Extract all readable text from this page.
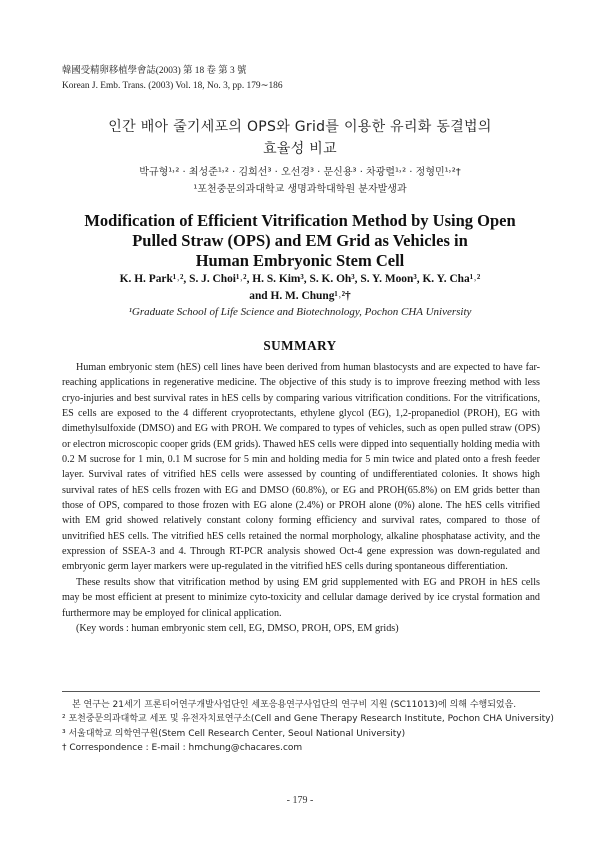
韓國受精卵移植學會誌(2003) 第 18 卷 第 3 號
Korean J. Emb. Trans. (2003) Vol. 18, No. 3, pp. 179∼186
인간 배아 줄기세포의 OPS와 Grid를 이용한 유리화 동결법의
효율성 비교
박규형¹˒² · 최성준¹˒² · 김희선³ · 오선경³ · 문신용³ · 차광렬¹˒² · 정형민¹˒²†
¹포천중문의과대학교 생명과학대학원 분자발생과
Modification of Efficient Vitrification Method by Using Open
Pulled Straw (OPS) and EM Grid as Vehicles in
Human Embryonic Stem Cell
K. H. Park¹˒², S. J. Choi¹˒², H. S. Kim³, S. K. Oh³, S. Y. Moon³, K. Y. Cha¹˒²
and H. M. Chung¹˒²†
¹Graduate School of Life Science and Biotechnology, Pochon CHA University
SUMMARY

Human embryonic stem (hES) cell lines have been derived from human blastocysts and are expected to have far-reaching applications in regenerative medicine. The objective of this study is to improve freezing method with less cryo-injuries and best survival rates in hES cells by comparing various vitrification conditions. For the vitrifications, ES cells are exposed to the 4 different cryoprotectants, ethylene glycol (EG), 1,2-propanediol (PROH), EG with dimethylsulfoxide (DMSO) and EG with PROH. We compared to types of vehicles, such as open pulled straw (OPS) or electron microscopic cooper grids (EM grids). Thawed hES cells were dipped into sequentially holding media with 0.2 M sucrose for 1 min, 0.1 M sucrose for 5 min and holding media for 5 min twice and plated onto a fresh feeder layer. Survival rates of vitrified hES cells were assessed by counting of undifferentiated colonies. It shows high survival rates of hES cells frozen with EG and DMSO (60.8%), or EG and PROH(65.8%) on EM grids better than those of OPS, compared to those frozen with EG alone (2.4%) or PROH alone (0%) alone. The hES cells vitrified with EM grid showed relatively constant colony forming efficiency and survival rates, compared to those of unvitrified hES cells. The vitrified hES cells retained the normal morphology, alkaline phosphatase activity, and the expression of SSEA-3 and 4. Through RT-PCR analysis showed Oct-4 gene expression was down-regulated and embryonic germ layer markers were up-regulated in the vitrified hES cells during spontaneous differentiation.

These results show that vitrification method by using EM grid supplemented with EG and PROH in hES cells may be most efficient at present to minimize cyto-toxicity and cellular damage derived by ice crystal formation and furthermore may be employed for clinical application.

(Key words : human embryonic stem cell, EG, DMSO, PROH, OPS, EM grids)

본 연구는 21세기 프론티어연구개발사업단인 세포응용연구사업단의 연구비 지원 (SC11013)에 의해 수행되었음.
² 포천중문의과대학교 세포 및 유전자치료연구소(Cell and Gene Therapy Research Institute, Pochon CHA University)
³ 서울대학교 의학연구원(Stem Cell Research Center, Seoul National University)
† Correspondence : E-mail : hmchung@chacares.com
- 179 -
